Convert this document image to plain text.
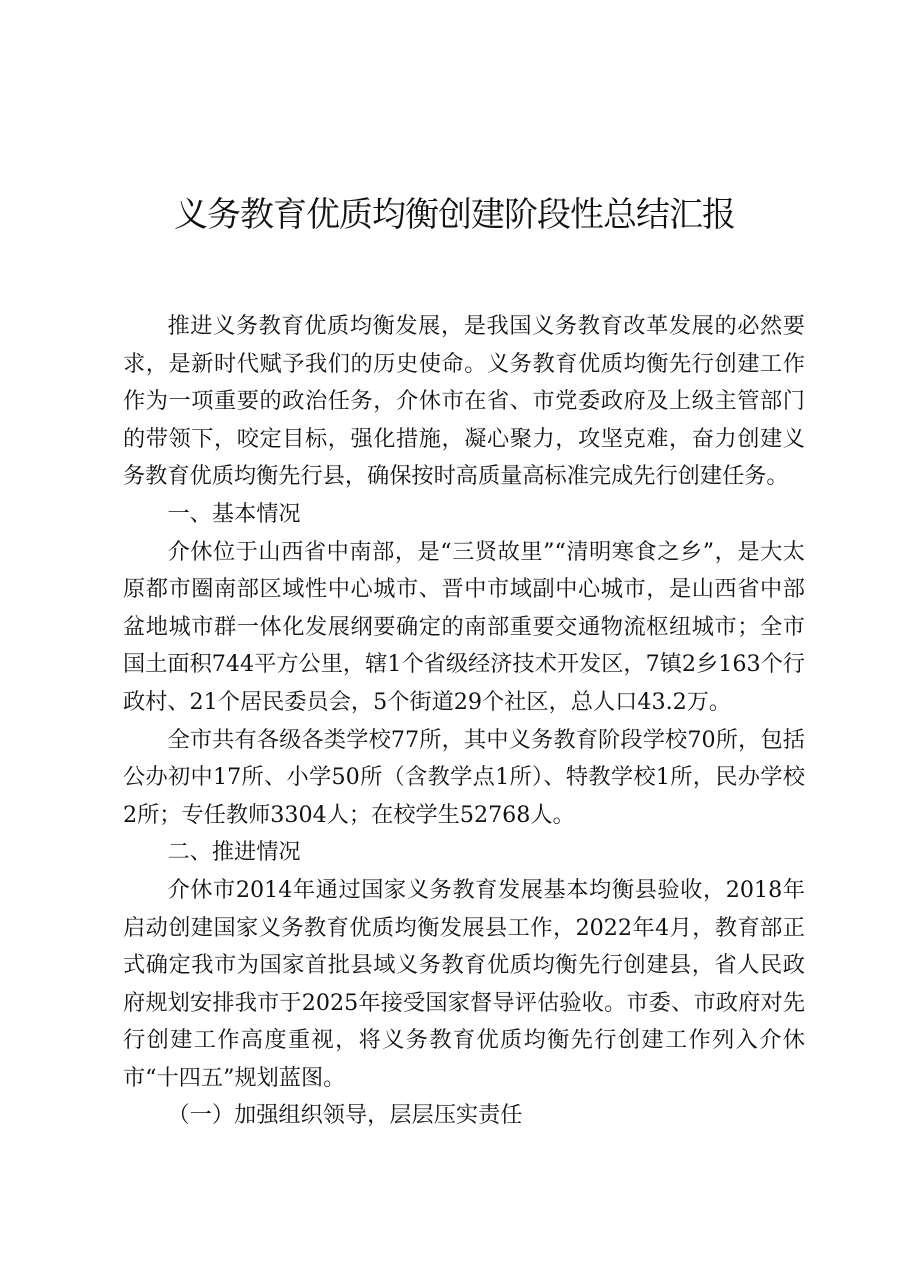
义务教育优质均衡创建阶段性总结汇报

推进义务教育优质均衡发展，是我国义务教育改革发展的必然要求，是新时代赋予我们的历史使命。义务教育优质均衡先行创建工作作为一项重要的政治任务，介休市在省、市党委政府及上级主管部门的带领下，咬定目标，强化措施，凝心聚力，攻坚克难，奋力创建义务教育优质均衡先行县，确保按时高质量高标准完成先行创建任务。

一、基本情况

介休位于山西省中南部，是“三贤故里”“清明寒食之乡”，是大太原都市圈南部区域性中心城市、晋中市域副中心城市，是山西省中部盆地城市群一体化发展纲要确定的南部重要交通物流枢纽城市；全市国土面积744平方公里，辖1个省级经济技术开发区，7镇2乡163个行政村、21个居民委员会，5个街道29个社区，总人口43.2万。

全市共有各级各类学校77所，其中义务教育阶段学校70所，包括公办初中17所、小学50所（含教学点1所）、特教学校1所，民办学校2所；专任教师3304人；在校学生52768人。

二、推进情况

介休市2014年通过国家义务教育发展基本均衡县验收，2018年启动创建国家义务教育优质均衡发展县工作，2022年4月，教育部正式确定我市为国家首批县域义务教育优质均衡先行创建县，省人民政府规划安排我市于2025年接受国家督导评估验收。市委、市政府对先行创建工作高度重视，将义务教育优质均衡先行创建工作列入介休市“十四五”规划蓝图。

（一）加强组织领导，层层压实责任
